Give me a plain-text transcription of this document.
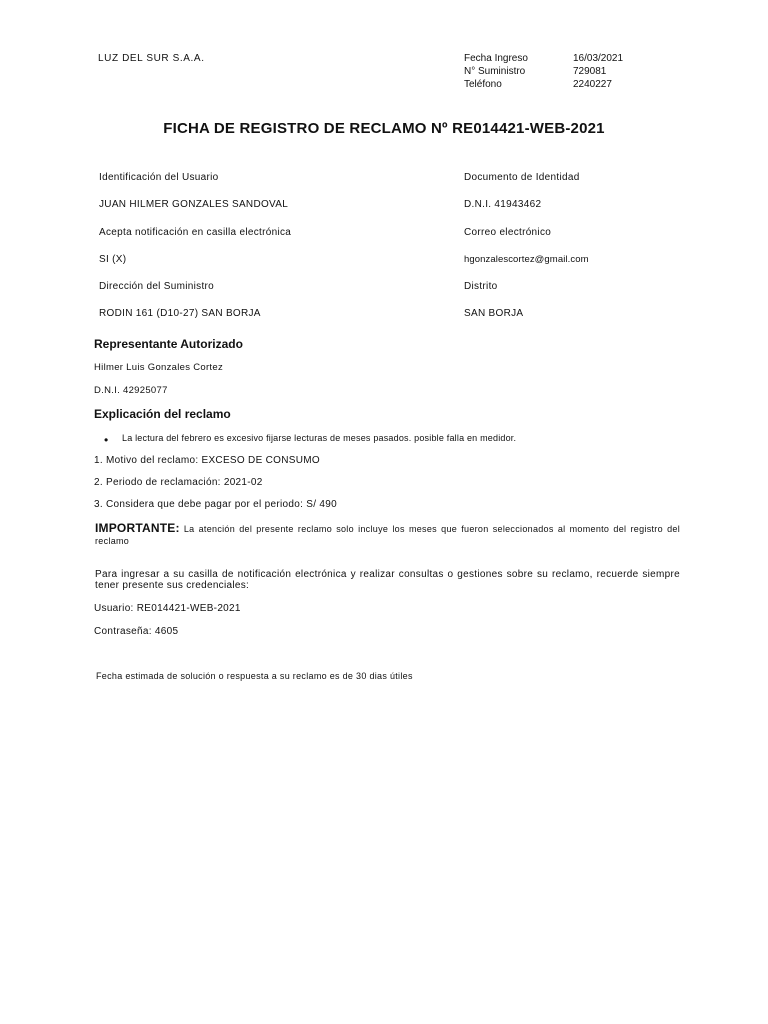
LUZ DEL SUR S.A.A.	Fecha Ingreso	16/03/2021
N° Suministro	729081
Teléfono	2240227
FICHA DE REGISTRO DE RECLAMO Nº RE014421-WEB-2021
Identificación del Usuario	Documento de Identidad
JUAN HILMER GONZALES SANDOVAL	D.N.I. 41943462
Acepta notificación en casilla electrónica	Correo electrónico
SI (X)	hgonzalescortez@gmail.com
Dirección del Suministro	Distrito
RODIN 161 (D10-27) SAN BORJA	SAN BORJA
Representante Autorizado
Hilmer Luis Gonzales Cortez
D.N.I. 42925077
Explicación del reclamo
• La lectura del febrero es excesivo fijarse lecturas de meses pasados. posible falla en medidor.
1. Motivo del reclamo: EXCESO DE CONSUMO
2. Periodo de reclamación: 2021-02
3. Considera que debe pagar por el periodo: S/ 490
IMPORTANTE: La atención del presente reclamo solo incluye los meses que fueron seleccionados al momento del registro del reclamo
Para ingresar a su casilla de notificación electrónica y realizar consultas o gestiones sobre su reclamo, recuerde siempre tener presente sus credenciales:
Usuario: RE014421-WEB-2021
Contraseña: 4605
Fecha estimada de solución o respuesta a su reclamo es de 30 dias útiles
